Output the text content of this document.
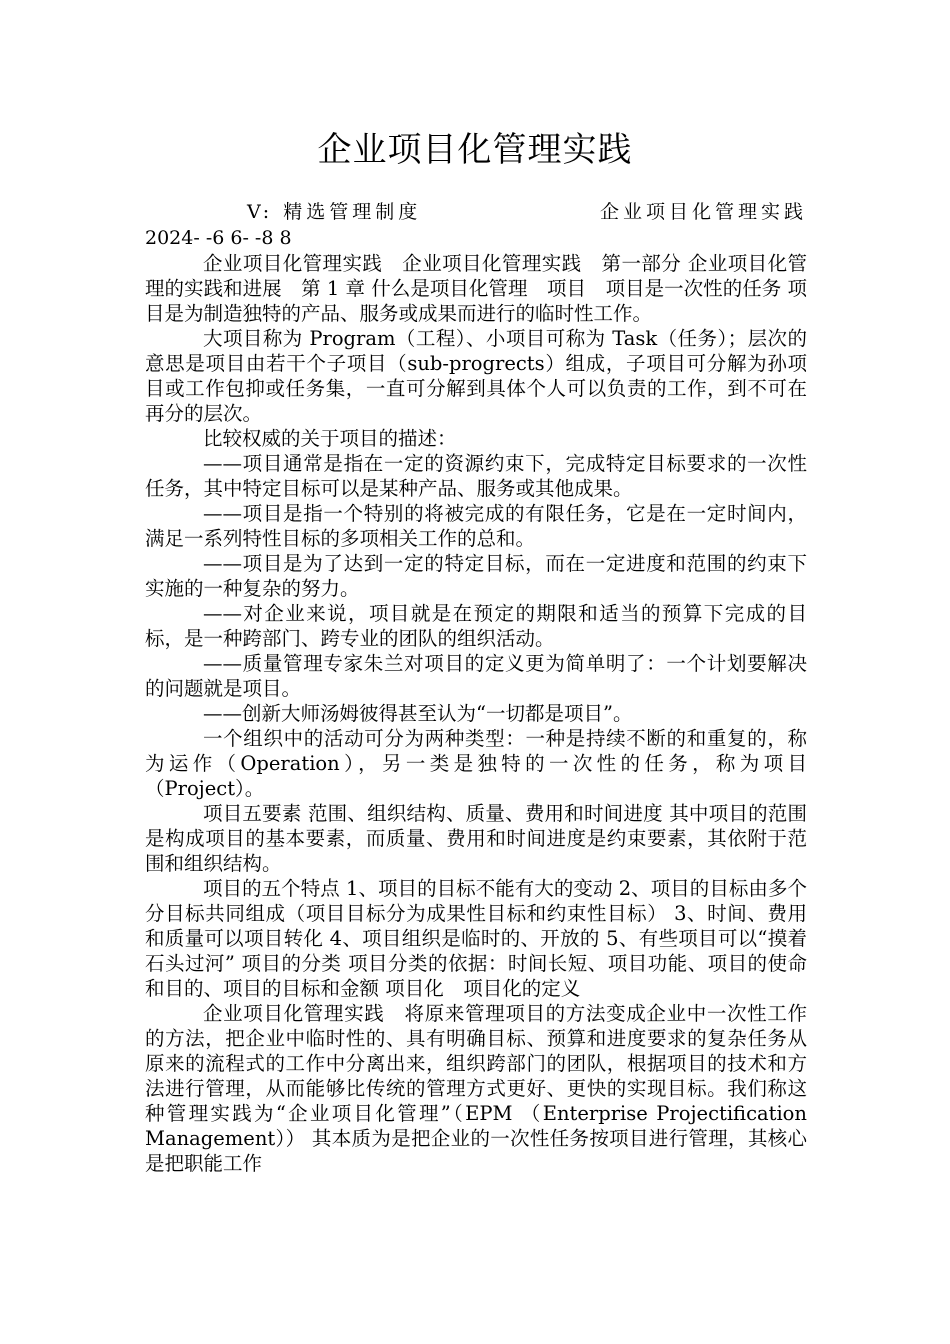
企业项目化管理实践
V: 精选管理制度	企业项目化管理实践
2024- -6 6- -8 8

企业项目化管理实践　企业项目化管理实践　第一部分 企业项目化管理的实践和进展　第 1 章 什么是项目化管理　项目　项目是一次性的任务 项目是为制造独特的产品、服务或成果而进行的临时性工作。

大项目称为 Program（工程）、小项目可称为 Task（任务）；层次的意思是项目由若干个子项目（sub-progrects）组成，子项目可分解为孙项目或工作包抑或任务集，一直可分解到具体个人可以负责的工作，到不可在再分的层次。

比较权威的关于项目的描述：

——项目通常是指在一定的资源约束下，完成特定目标要求的一次性任务，其中特定目标可以是某种产品、服务或其他成果。

——项目是指一个特别的将被完成的有限任务，它是在一定时间内，满足一系列特性目标的多项相关工作的总和。

——项目是为了达到一定的特定目标，而在一定进度和范围的约束下实施的一种复杂的努力。

——对企业来说，项目就是在预定的期限和适当的预算下完成的目标，是一种跨部门、跨专业的团队的组织活动。

——质量管理专家朱兰对项目的定义更为简单明了：一个计划要解决的问题就是项目。

——创新大师汤姆彼得甚至认为“一切都是项目”。

一个组织中的活动可分为两种类型：一种是持续不断的和重复的，称为运作（Operation），另一类是独特的一次性的任务，称为项目（Project）。

项目五要素 范围、组织结构、质量、费用和时间进度 其中项目的范围是构成项目的基本要素，而质量、费用和时间进度是约束要素，其依附于范围和组织结构。

项目的五个特点 1、项目的目标不能有大的变动 2、项目的目标由多个分目标共同组成（项目目标分为成果性目标和约束性目标） 3、时间、费用和质量可以项目转化 4、项目组织是临时的、开放的 5、有些项目可以“摸着石头过河” 项目的分类 项目分类的依据：时间长短、项目功能、项目的使命和目的、项目的目标和金额 项目化　项目化的定义

企业项目化管理实践　将原来管理项目的方法变成企业中一次性工作的方法，把企业中临时性的、具有明确目标、预算和进度要求的复杂任务从原来的流程式的工作中分离出来，组织跨部门的团队，根据项目的技术和方法进行管理，从而能够比传统的管理方式更好、更快的实现目标。我们称这种管理实践为“企业项目化管理”（EPM （Enterprise Projectification Management）） 其本质为是把企业的一次性任务按项目进行管理，其核心是把职能工作
